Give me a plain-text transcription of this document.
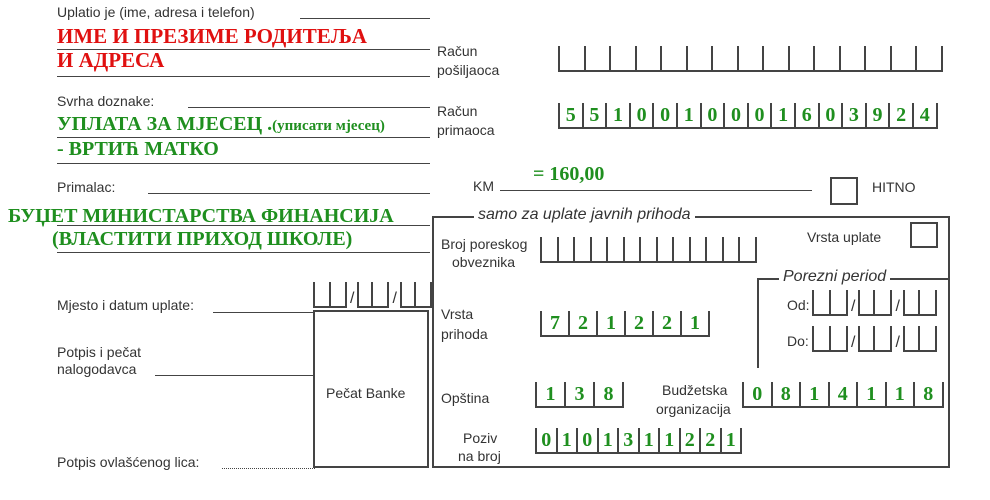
Uplatio je (ime, adresa i telefon)
ИМЕ И ПРЕЗИМЕ РОДИТЕЉА
И АДРЕСА
Svrha doznake:
УПЛАТА ЗА МЈЕСЕЦ .(уписати мјесец)
- ВРТИЋ МАТКО
Primalac:
БУЏЕТ МИНИСТАРСТВА ФИНАНСИЈА
(ВЛАСТИТИ ПРИХОД ШКОЛЕ)
Mjesto i datum uplate:	/ /
Potpis i pečat
nalogodavca
Pečat Banke
Potpis ovlašćenog lica:
Račun
pošiljaoca
Račun
primaoca
5 5 1 0 0 1 0 0 0 1 6 0 3 9 2 4
KM
= 160,00
HITNO
samo za uplate javnih prihoda
Broj poreskog
obveznika
Vrsta uplate
Porezni period
Od:	/	/
Do:	/	/
Vrsta
prihoda
7 2 1 2 2 1
Opština	1 3 8	Budžetska
organizacija
0 8 1 4 1 1 8
Poziv
na broj
0 1 0 1 3 1 1 2 2 1
